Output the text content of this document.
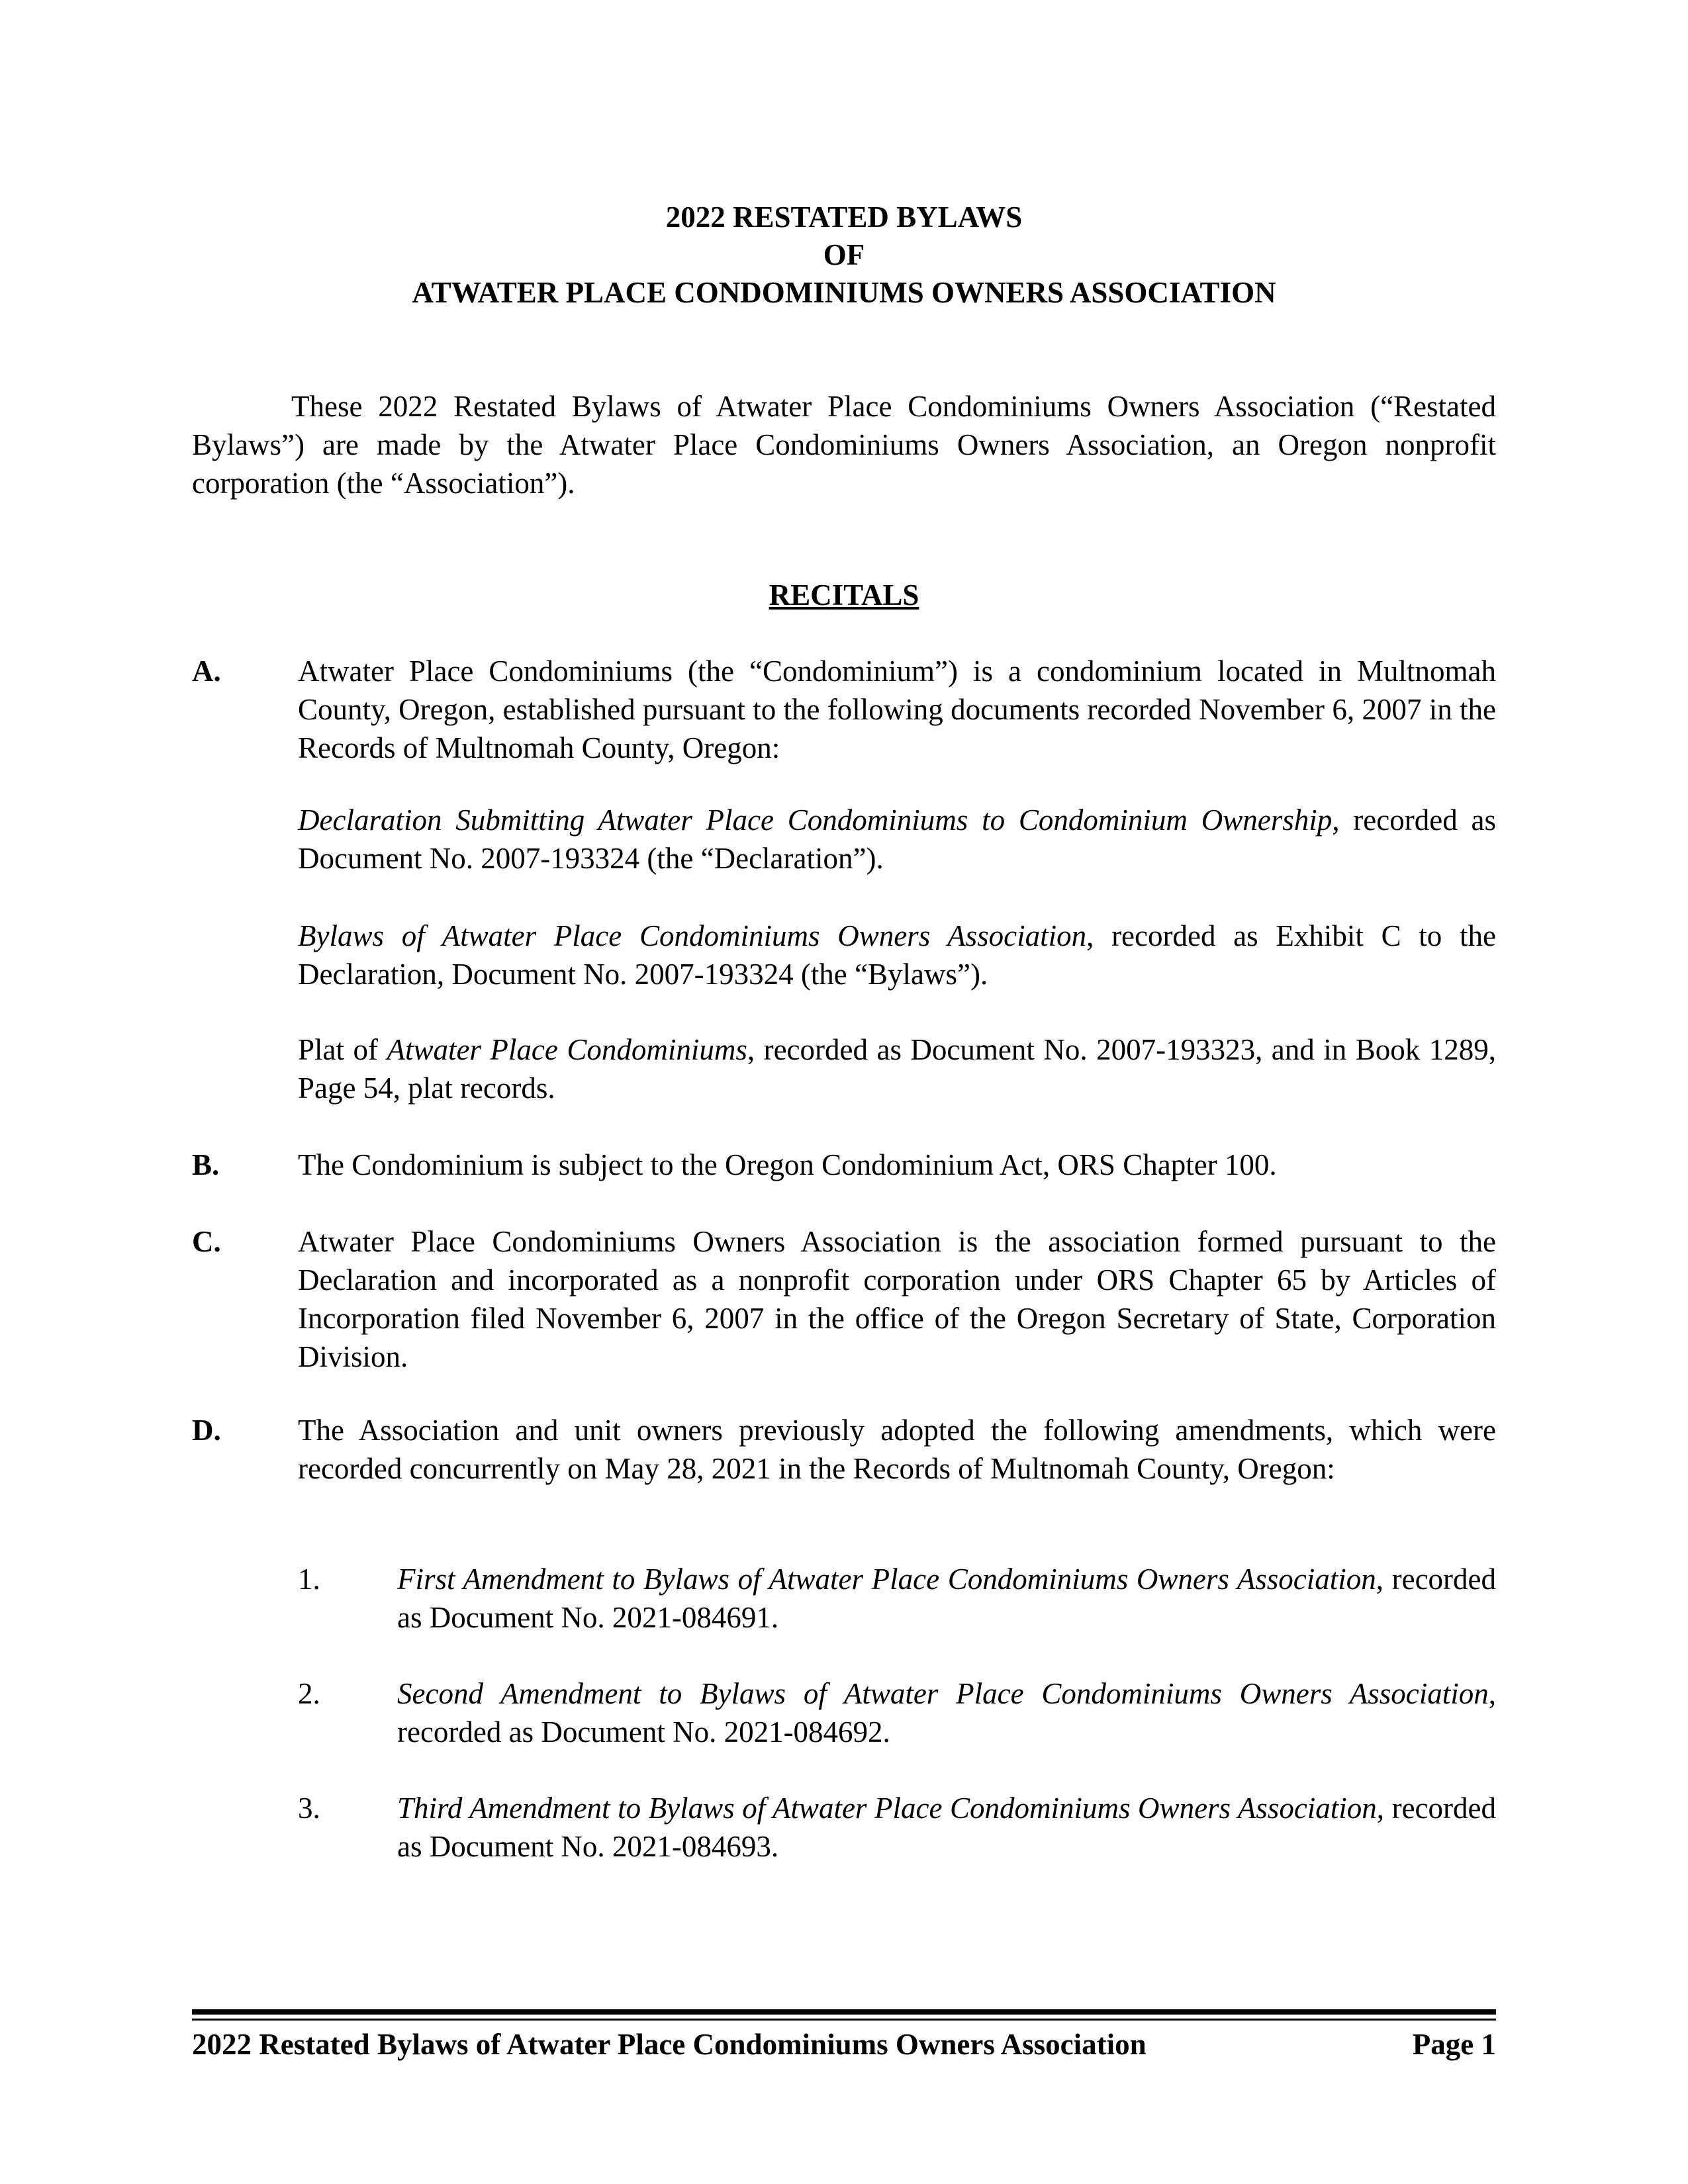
2022 RESTATED BYLAWS
OF
ATWATER PLACE CONDOMINIUMS OWNERS ASSOCIATION
These 2022 Restated Bylaws of Atwater Place Condominiums Owners Association (“Restated Bylaws”) are made by the Atwater Place Condominiums Owners Association, an Oregon nonprofit corporation (the “Association”).
RECITALS
A.	Atwater Place Condominiums (the “Condominium”) is a condominium located in Multnomah County, Oregon, established pursuant to the following documents recorded November 6, 2007 in the Records of Multnomah County, Oregon:
Declaration Submitting Atwater Place Condominiums to Condominium Ownership, recorded as Document No. 2007-193324 (the “Declaration”).
Bylaws of Atwater Place Condominiums Owners Association, recorded as Exhibit C to the Declaration, Document No. 2007-193324 (the “Bylaws”).
Plat of Atwater Place Condominiums, recorded as Document No. 2007-193323, and in Book 1289, Page 54, plat records.
B.	The Condominium is subject to the Oregon Condominium Act, ORS Chapter 100.
C.	Atwater Place Condominiums Owners Association is the association formed pursuant to the Declaration and incorporated as a nonprofit corporation under ORS Chapter 65 by Articles of Incorporation filed November 6, 2007 in the office of the Oregon Secretary of State, Corporation Division.
D.	The Association and unit owners previously adopted the following amendments, which were recorded concurrently on May 28, 2021 in the Records of Multnomah County, Oregon:
1.	First Amendment to Bylaws of Atwater Place Condominiums Owners Association, recorded as Document No. 2021-084691.
2.	Second Amendment to Bylaws of Atwater Place Condominiums Owners Association, recorded as Document No. 2021-084692.
3.	Third Amendment to Bylaws of Atwater Place Condominiums Owners Association, recorded as Document No. 2021-084693.
2022 Restated Bylaws of Atwater Place Condominiums Owners Association	Page 1
